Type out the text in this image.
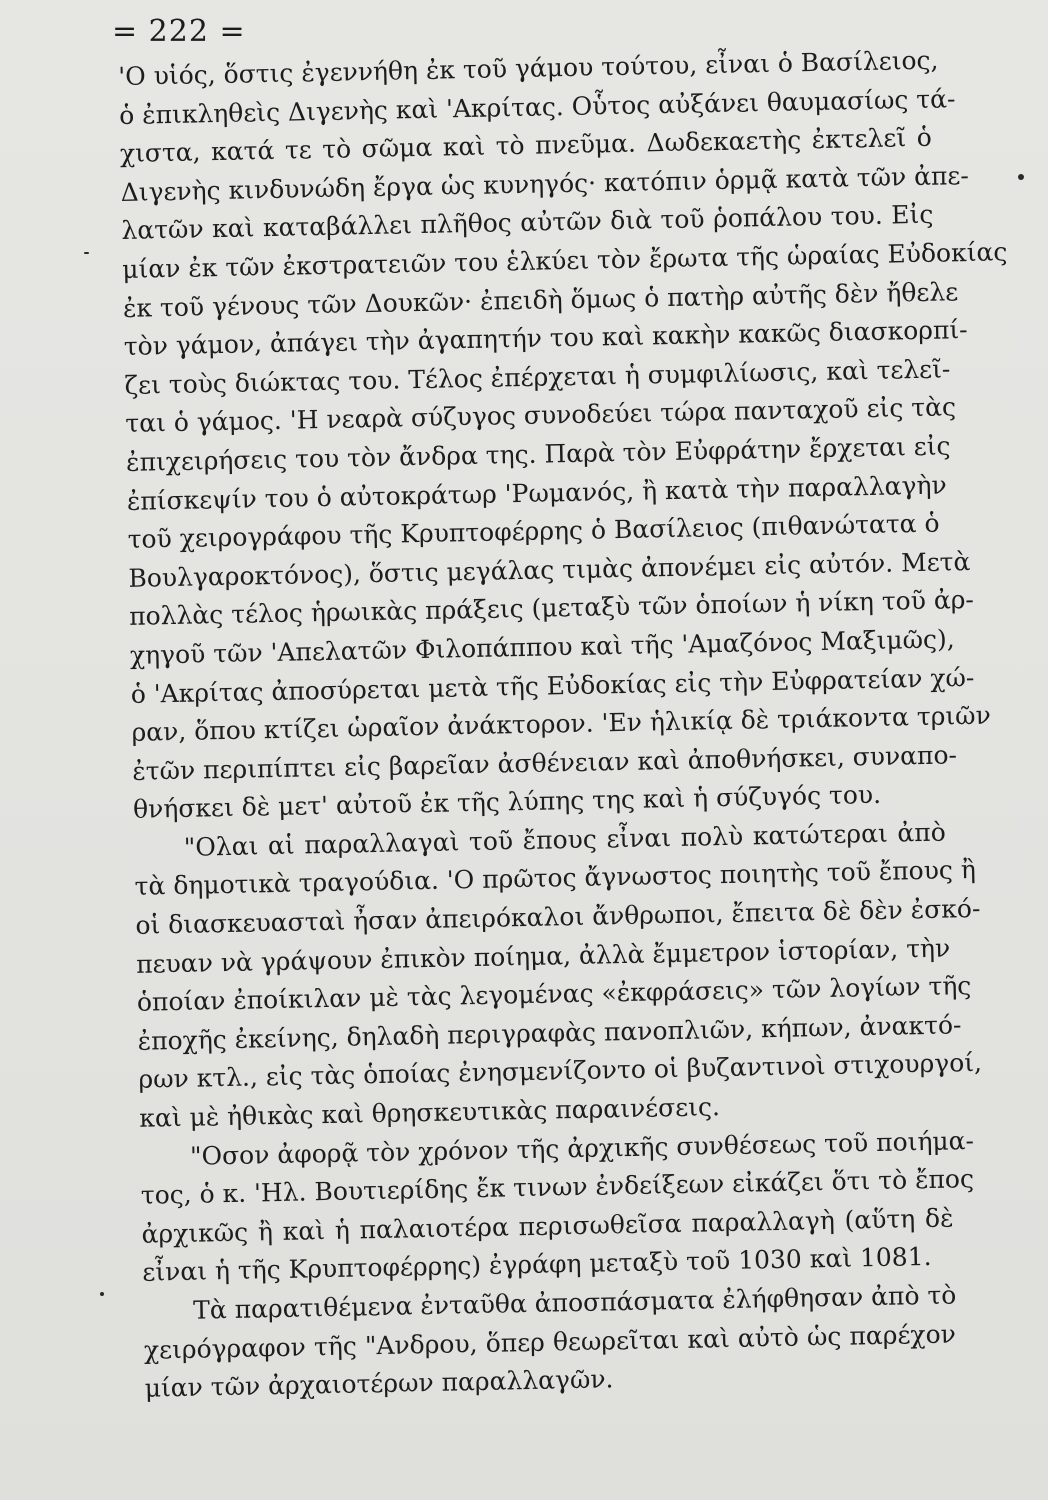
= 222 =
'Ο υἱός, ὅστις ἐγεννήθη ἐκ τοῦ γάμου τούτου, εἶναι ὁ Βασίλειος,
ὁ ἐπικληθεὶς Διγενὴς καὶ 'Ακρίτας. Οὗτος αὐξάνει θαυμασίως τά-
χιστα, κατά τε τὸ σῶμα καὶ τὸ πνεῦμα. Δωδεκαετὴς ἐκτελεῖ ὁ
Διγενὴς κινδυνώδη ἔργα ὡς κυνηγός· κατόπιν ὁρμᾷ κατὰ τῶν ἀπε-
λατῶν καὶ καταβάλλει πλῆθος αὐτῶν διὰ τοῦ ῥοπάλου του. Εἰς
μίαν ἐκ τῶν ἐκστρατειῶν του ἑλκύει τὸν ἔρωτα τῆς ὡραίας Εὐδοκίας
ἐκ τοῦ γένους τῶν Δουκῶν· ἐπειδὴ ὅμως ὁ πατὴρ αὐτῆς δὲν ἤθελε
τὸν γάμον, ἀπάγει τὴν ἀγαπητήν του καὶ κακὴν κακῶς διασκορπί-
ζει τοὺς διώκτας του. Τέλος ἐπέρχεται ἡ συμφιλίωσις, καὶ τελεῖ-
ται ὁ γάμος. 'Η νεαρὰ σύζυγος συνοδεύει τώρα πανταχοῦ εἰς τὰς
ἐπιχειρήσεις του τὸν ἄνδρα της. Παρὰ τὸν Εὐφράτην ἔρχεται εἰς
ἐπίσκεψίν του ὁ αὐτοκράτωρ 'Ρωμανός, ἢ κατὰ τὴν παραλλαγὴν
τοῦ χειρογράφου τῆς Κρυπτοφέρρης ὁ Βασίλειος (πιθανώτατα ὁ
Βουλγαροκτόνος), ὅστις μεγάλας τιμὰς ἀπονέμει εἰς αὐτόν. Μετὰ
πολλὰς τέλος ἡρωικὰς πράξεις (μεταξὺ τῶν ὁποίων ἡ νίκη τοῦ ἀρ-
χηγοῦ τῶν 'Απελατῶν Φιλοπάππου καὶ τῆς 'Αμαζόνος Μαξιμῶς),
ὁ 'Ακρίτας ἀποσύρεται μετὰ τῆς Εὐδοκίας εἰς τὴν Εὐφρατείαν χώ-
ραν, ὅπου κτίζει ὡραῖον ἀνάκτορον. 'Εν ἡλικίᾳ δὲ τριάκοντα τριῶν
ἐτῶν περιπίπτει εἰς βαρεῖαν ἀσθένειαν καὶ ἀποθνήσκει, συναπο-
θνήσκει δὲ μετ' αὐτοῦ ἐκ τῆς λύπης της καὶ ἡ σύζυγός του.
"Ολαι αἱ παραλλαγαὶ τοῦ ἔπους εἶναι πολὺ κατώτεραι ἀπὸ
τὰ δημοτικὰ τραγούδια. 'Ο πρῶτος ἄγνωστος ποιητὴς τοῦ ἔπους ἢ
οἱ διασκευασταὶ ἦσαν ἀπειρόκαλοι ἄνθρωποι, ἔπειτα δὲ δὲν ἐσκό-
πευαν νὰ γράψουν ἐπικὸν ποίημα, ἀλλὰ ἔμμετρον ἱστορίαν, τὴν
ὁποίαν ἐποίκιλαν μὲ τὰς λεγομένας «ἐκφράσεις» τῶν λογίων τῆς
ἐποχῆς ἐκείνης, δηλαδὴ περιγραφὰς πανοπλιῶν, κήπων, ἀνακτό-
ρων κτλ., εἰς τὰς ὁποίας ἐνησμενίζοντο οἱ βυζαντινοὶ στιχουργοί,
καὶ μὲ ἠθικὰς καὶ θρησκευτικὰς παραινέσεις.
"Οσον ἀφορᾷ τὸν χρόνον τῆς ἀρχικῆς συνθέσεως τοῦ ποιήμα-
τος, ὁ κ. 'Ηλ. Βουτιερίδης ἔκ τινων ἐνδείξεων εἰκάζει ὅτι τὸ ἔπος
ἀρχικῶς ἢ καὶ ἡ παλαιοτέρα περισωθεῖσα παραλλαγὴ (αὕτη δὲ
εἶναι ἡ τῆς Κρυπτοφέρρης) ἐγράφη μεταξὺ τοῦ 1030 καὶ 1081.
Τὰ παρατιθέμενα ἐνταῦθα ἀποσπάσματα ἐλήφθησαν ἀπὸ τὸ
χειρόγραφον τῆς "Ανδρου, ὅπερ θεωρεῖται καὶ αὐτὸ ὡς παρέχον
μίαν τῶν ἀρχαιοτέρων παραλλαγῶν.
